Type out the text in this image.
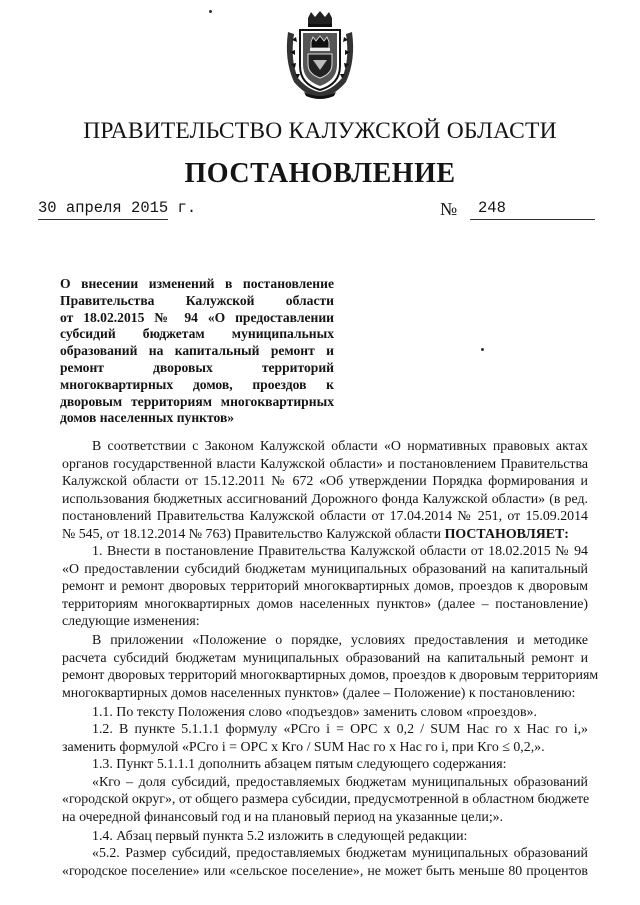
ПРАВИТЕЛЬСТВО КАЛУЖСКОЙ ОБЛАСТИ
ПОСТАНОВЛЕНИЕ
30 апреля 2015 г.	№ 248
О внесении изменений в постановление
Правительства Калужской области
от 18.02.2015 № 94 «О предоставлении
субсидий бюджетам муниципальных
образований на капитальный ремонт и
ремонт дворовых территорий
многоквартирных домов, проездов к
дворовым территориям многоквартирных
домов населенных пунктов»
В соответствии с Законом Калужской области «О нормативных правовых актах
органов государственной власти Калужской области» и постановлением Правительства
Калужской области от 15.12.2011 № 672 «Об утверждении Порядка формирования и
использования бюджетных ассигнований Дорожного фонда Калужской области» (в ред.
постановлений Правительства Калужской области от 17.04.2014 № 251, от 15.09.2014
№ 545, от 18.12.2014 № 763) Правительство Калужской области ПОСТАНОВЛЯЕТ:
1. Внести в постановление Правительства Калужской области от 18.02.2015 № 94
«О предоставлении субсидий бюджетам муниципальных образований на капитальный
ремонт и ремонт дворовых территорий многоквартирных домов, проездов к дворовым
территориям многоквартирных домов населенных пунктов» (далее – постановление)
следующие изменения:
В приложении «Положение о порядке, условиях предоставления и методике
расчета субсидий бюджетам муниципальных образований на капитальный ремонт и
ремонт дворовых территорий многоквартирных домов, проездов к дворовым территориям
многоквартирных домов населенных пунктов» (далее – Положение) к постановлению:
1.1. По тексту Положения слово «подъездов» заменить словом «проездов».
1.2. В пункте 5.1.1.1 формулу «РСго i = ОРС х 0,2 / SUM Нас го х Нас го i,»
заменить формулой «РСго i = ОРС х Кго / SUM Нас го х Нас го i, при Кго ≤ 0,2,».
1.3. Пункт 5.1.1.1 дополнить абзацем пятым следующего содержания:
«Кго – доля субсидий, предоставляемых бюджетам муниципальных образований
«городской округ», от общего размера субсидии, предусмотренной в областном бюджете
на очередной финансовый год и на плановый период на указанные цели;».
1.4. Абзац первый пункта 5.2 изложить в следующей редакции:
«5.2. Размер субсидий, предоставляемых бюджетам муниципальных образований
«городское поселение» или «сельское поселение», не может быть меньше 80 процентов
